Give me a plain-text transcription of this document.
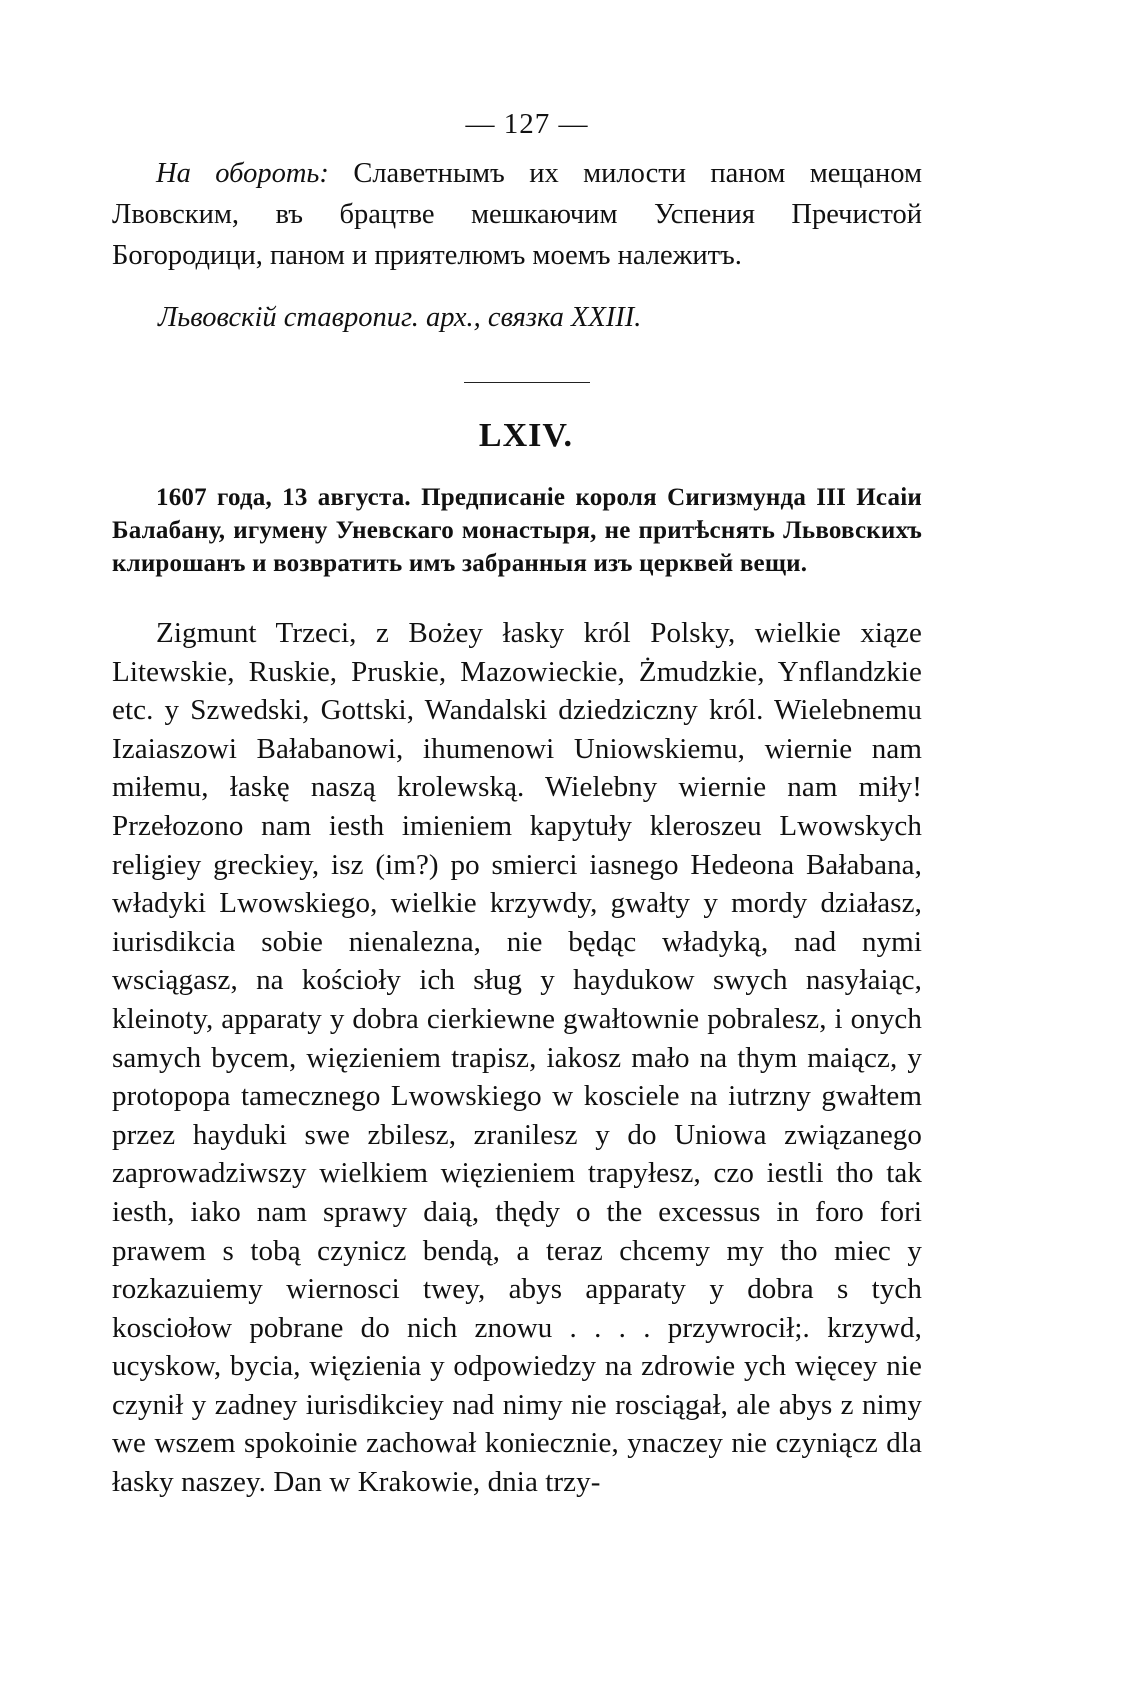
— 127 —

На обороть: Славетнымъ их милости паном мещаном Лвовским, въ брацтве мешкаючим Успения Пречистой Богородици, паном и приятелюмъ моемъ належитъ.

Львовскій ставропиг. арх., связка XXIII.
LXIV.

1607 года, 13 августа. Предписаніе короля Сигизмунда III Исаіи Балабану, игумену Уневскаго монастыря, не притѣснять Львовскихъ клирошанъ и возвратить имъ забранныя изъ церквей вещи.

Zigmunt Trzeci, z Bożey łasky król Polsky, wielkie xiąze Litewskie, Ruskie, Pruskie, Mazowieckie, Żmudzkie, Ynflandzkie etc. y Szwedski, Gottski, Wandalski dziedziczny król. Wielebnemu Izaiaszowi Bałabanowi, ihumenowi Uniowskiemu, wiernie nam miłemu, łaskę naszą krolewską. Wielebny wiernie nam miły! Przełozono nam iesth imieniem kapytuły kleroszeu Lwowskych religiey greckiey, isz (im?) po smierci iasnego Hedeona Bałabana, władyki Lwowskiego, wielkie krzywdy, gwałty y mordy działasz, iurisdikcia sobie nienalezna, nie będąc władyką, nad nymi wsciągasz, na kościoły ich sług y haydukow swych nasyłaiąc, kleinoty, apparaty y dobra cierkiewne gwałtownie pobralesz, i onych samych bycem, więzieniem trapisz, iakosz mało na thym maiącz, y protopopa tamecznego Lwowskiego w kosciele na iutrzny gwałtem przez hayduki swe zbilesz, zranilesz y do Uniowa związanego zaprowadziwszy wielkiem więzieniem trapyłesz, czo iestli tho tak iesth, iako nam sprawy daią, thędy o the excessus in foro fori prawem s tobą czynicz bendą, a teraz chcemy my tho miec y rozkazuiemy wiernosci twey, abys apparaty y dobra s tych kosciołow pobrane do nich znowu . . . . przywrocił;. krzywd, ucyskow, bycia, więzienia y odpowiedzy na zdrowie ych więcey nie czynił y zadney iurisdikciey nad nimy nie rosciągał, ale abys z nimy we wszem spokoinie zachował koniecznie, ynaczey nie czyniącz dla łasky naszey. Dan w Krakowie, dnia trzy-
